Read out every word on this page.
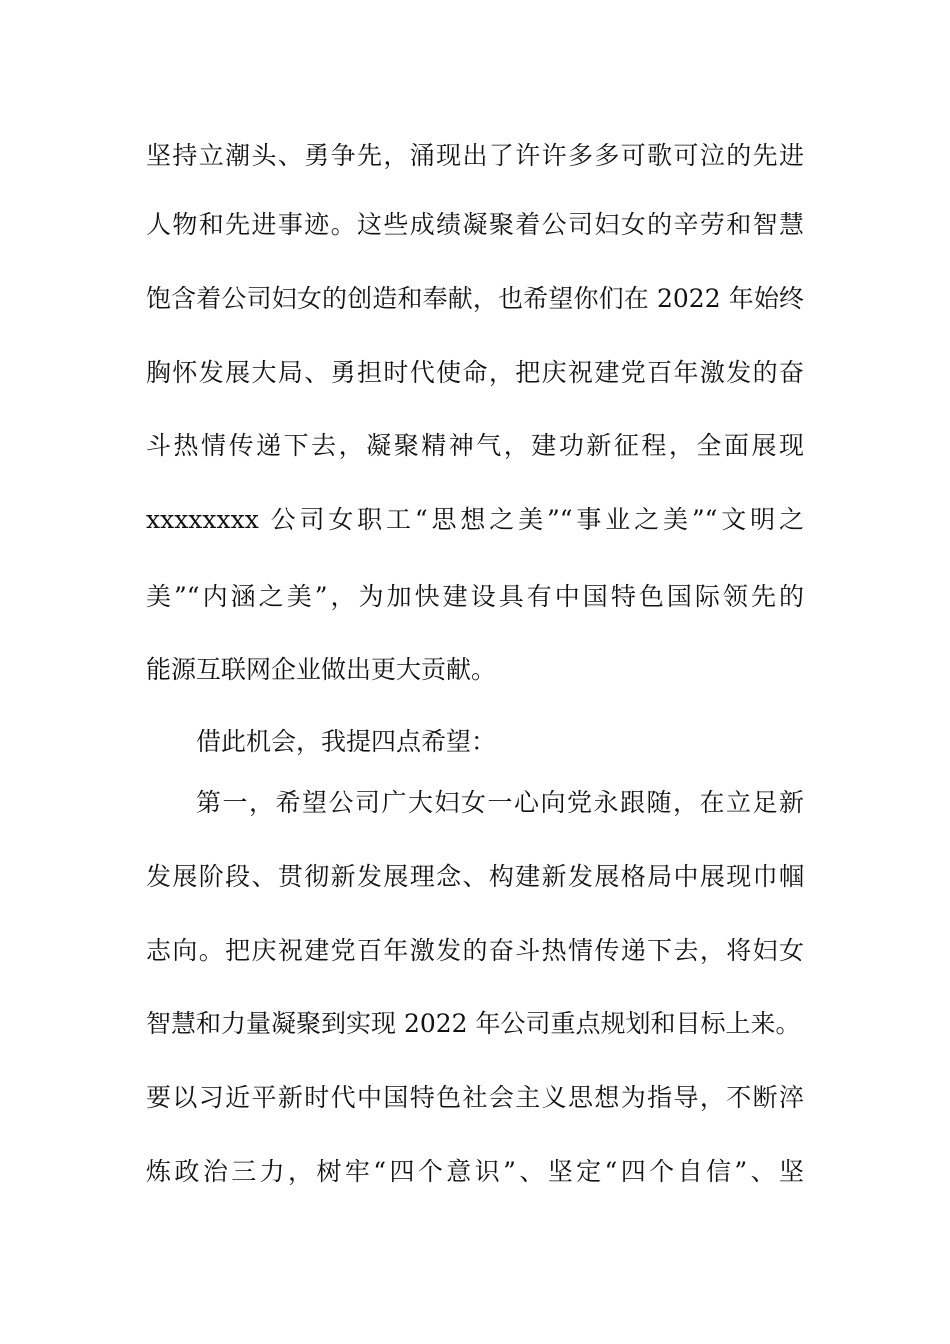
坚持立潮头、勇争先，涌现出了许许多多可歌可泣的先进
人物和先进事迹。这些成绩凝聚着公司妇女的辛劳和智慧
饱含着公司妇女的创造和奉献，也希望你们在 2022 年始终
胸怀发展大局、勇担时代使命，把庆祝建党百年激发的奋
斗热情传递下去，凝聚精神气，建功新征程，全面展现
xxxxxxxx 公司女职工“思想之美”“事业之美”“文明之
美”“内涵之美”，为加快建设具有中国特色国际领先的
能源互联网企业做出更大贡献。
借此机会，我提四点希望：
第一，希望公司广大妇女一心向党永跟随，在立足新
发展阶段、贯彻新发展理念、构建新发展格局中展现巾帼
志向。把庆祝建党百年激发的奋斗热情传递下去，将妇女
智慧和力量凝聚到实现 2022 年公司重点规划和目标上来。
要以习近平新时代中国特色社会主义思想为指导，不断淬
炼政治三力，树牢“四个意识”、坚定“四个自信”、坚
